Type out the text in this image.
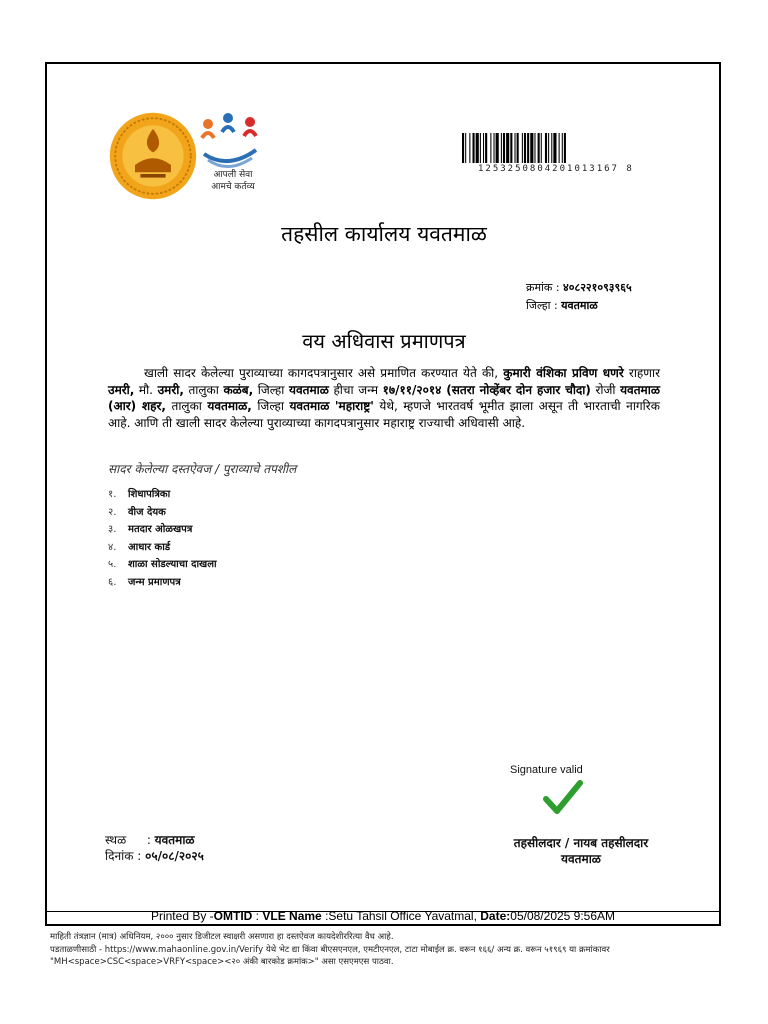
आपली सेवा
आमचे कर्तव्य
1253250804201013167 8
तहसील कार्यालय यवतमाळ
क्रमांक : ४०८२२१०९३९६५
जिल्हा : यवतमाळ
वय अधिवास प्रमाणपत्र
खाली सादर केलेल्या पुराव्याच्या कागदपत्रानुसार असे प्रमाणित करण्यात येते की, कुमारी वंशिका प्रविण धणरे राहणार उमरी, मौ. उमरी, तालुका कळंब, जिल्हा यवतमाळ हीचा जन्म १७/११/२०१४ (सतरा नोव्हेंबर दोन हजार चौदा) रोजी यवतमाळ (आर) शहर, तालुका यवतमाळ, जिल्हा यवतमाळ 'महाराष्ट्र' येथे, म्हणजे भारतवर्ष भूमीत झाला असून ती भारताची नागरिक आहे. आणि ती खाली सादर केलेल्या पुराव्याच्या कागदपत्रानुसार महाराष्ट्र राज्याची अधिवासी आहे.
सादर केलेल्या दस्तऐवज / पुराव्याचे तपशील
१.	शिधापत्रिका
२.	वीज देयक
३.	मतदार ओळखपत्र
४.	आधार कार्ड
५.	शाळा सोडल्याचा दाखला
६.	जन्म प्रमाणपत्र
Signature valid
स्थळ : यवतमाळ
दिनांक : ०५/०८/२०२५
तहसीलदार / नायब तहसीलदार
यवतमाळ
Printed By -OMTID : VLE Name :Setu Tahsil Office Yavatmal, Date:05/08/2025 9:56AM
माहिती तंत्रज्ञान (मात्र) अधिनियम, २००० नुसार डिजीटल स्वाक्षरी असणारा हा दस्तऐवज कायदेशीररित्या वैध आहे.
पडताळणीसाठी - https://www.mahaonline.gov.in/Verify येथे भेट द्या किंवा बीएसएनएल, एमटीएनएल, टाटा मोबाईल क्र. वरून १६६/ अन्य क्र. वरून ५१९६९ या क्रमांकावर
"MH<space>CSC<space>VRFY<space><२० अंकी बारकोड क्रमांक>" असा एसएमएस पाठवा.
